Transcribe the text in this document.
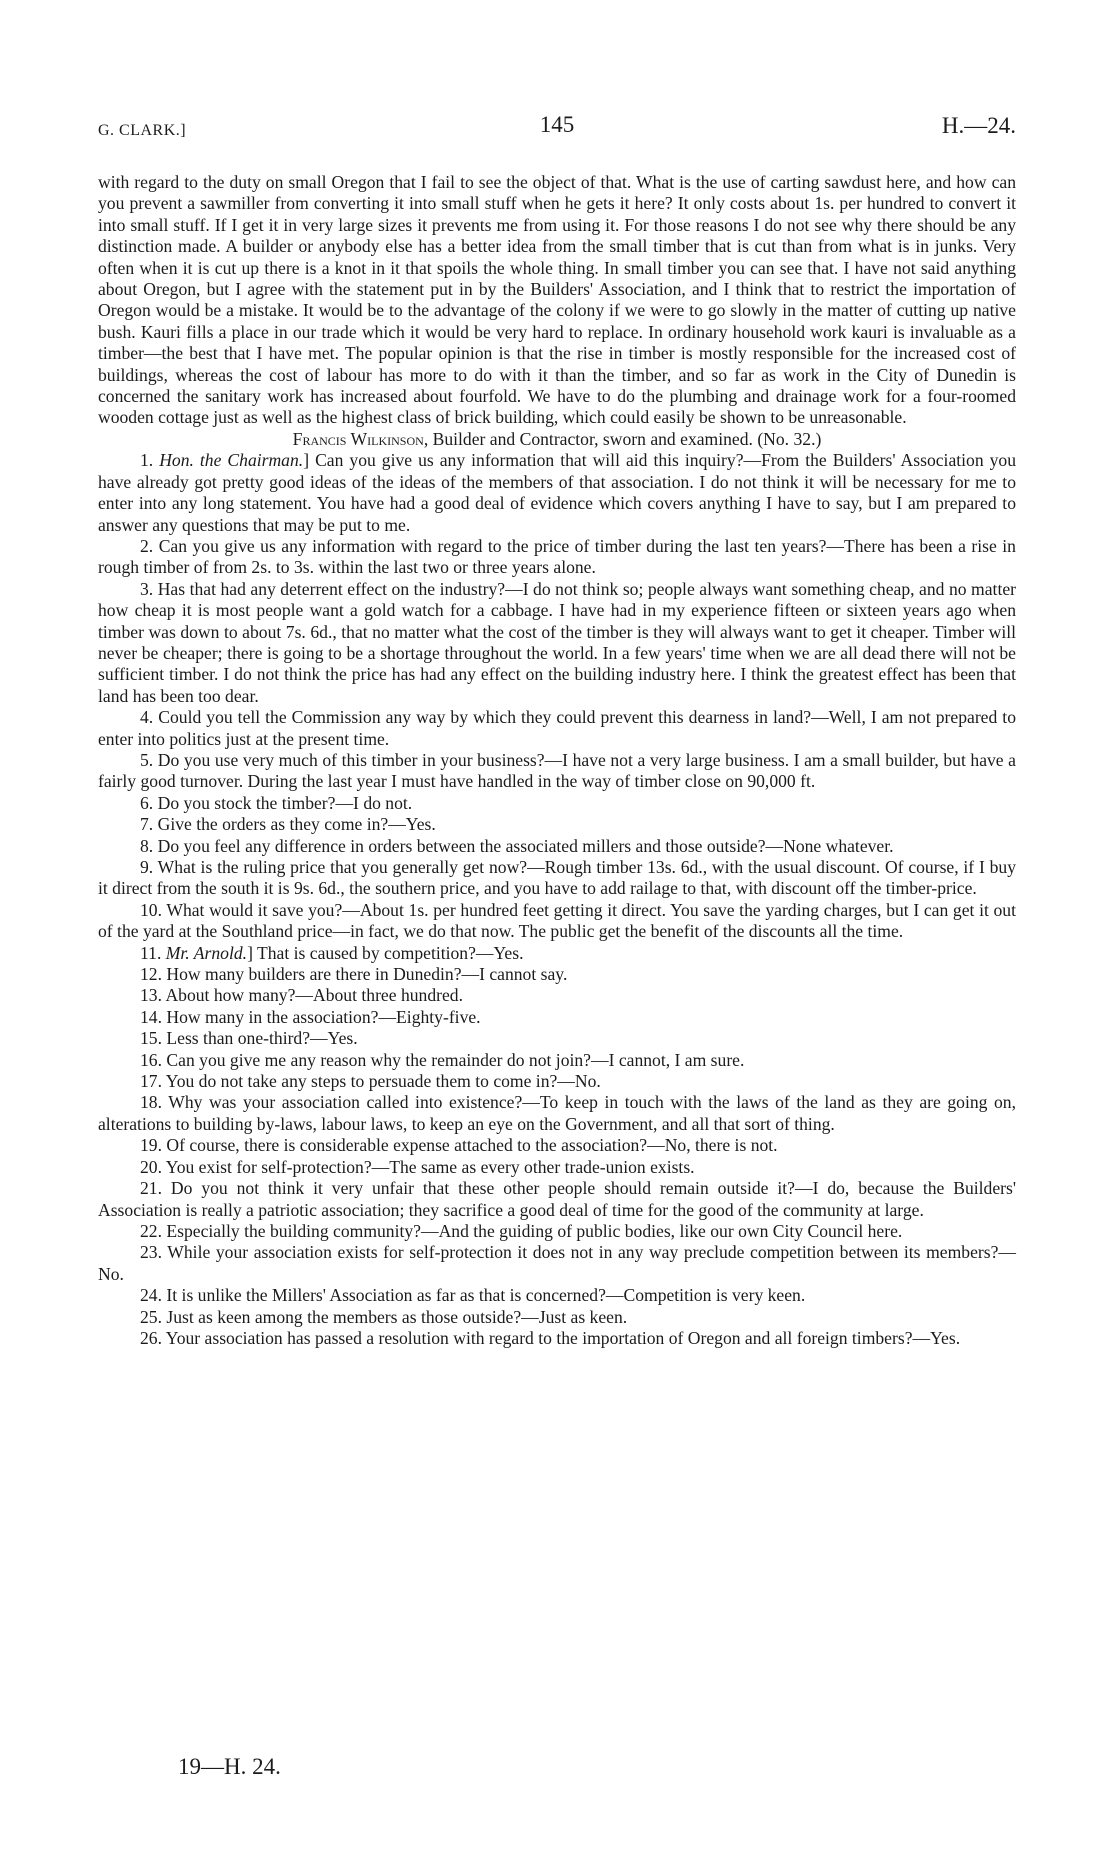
G. CLARK.]	145	H.—24.

with regard to the duty on small Oregon that I fail to see the object of that. What is the use of carting sawdust here, and how can you prevent a sawmiller from converting it into small stuff when he gets it here? It only costs about 1s. per hundred to convert it into small stuff. If I get it in very large sizes it prevents me from using it. For those reasons I do not see why there should be any distinction made. A builder or anybody else has a better idea from the small timber that is cut than from what is in junks. Very often when it is cut up there is a knot in it that spoils the whole thing. In small timber you can see that. I have not said anything about Oregon, but I agree with the statement put in by the Builders' Association, and I think that to restrict the importation of Oregon would be a mistake. It would be to the advantage of the colony if we were to go slowly in the matter of cutting up native bush. Kauri fills a place in our trade which it would be very hard to replace. In ordinary household work kauri is invaluable as a timber—the best that I have met. The popular opinion is that the rise in timber is mostly responsible for the increased cost of buildings, whereas the cost of labour has more to do with it than the timber, and so far as work in the City of Dunedin is concerned the sanitary work has increased about fourfold. We have to do the plumbing and drainage work for a four-roomed wooden cottage just as well as the highest class of brick building, which could easily be shown to be unreasonable.

Francis Wilkinson, Builder and Contractor, sworn and examined. (No. 32.)

1. Hon. the Chairman.] Can you give us any information that will aid this inquiry?—From the Builders' Association you have already got pretty good ideas of the ideas of the members of that association. I do not think it will be necessary for me to enter into any long statement. You have had a good deal of evidence which covers anything I have to say, but I am prepared to answer any questions that may be put to me.

2. Can you give us any information with regard to the price of timber during the last ten years?—There has been a rise in rough timber of from 2s. to 3s. within the last two or three years alone.

3. Has that had any deterrent effect on the industry?—I do not think so; people always want something cheap, and no matter how cheap it is most people want a gold watch for a cabbage. I have had in my experience fifteen or sixteen years ago when timber was down to about 7s. 6d., that no matter what the cost of the timber is they will always want to get it cheaper. Timber will never be cheaper; there is going to be a shortage throughout the world. In a few years' time when we are all dead there will not be sufficient timber. I do not think the price has had any effect on the building industry here. I think the greatest effect has been that land has been too dear.

4. Could you tell the Commission any way by which they could prevent this dearness in land?—Well, I am not prepared to enter into politics just at the present time.

5. Do you use very much of this timber in your business?—I have not a very large business. I am a small builder, but have a fairly good turnover. During the last year I must have handled in the way of timber close on 90,000 ft.

6. Do you stock the timber?—I do not.

7. Give the orders as they come in?—Yes.

8. Do you feel any difference in orders between the associated millers and those outside?—None whatever.

9. What is the ruling price that you generally get now?—Rough timber 13s. 6d., with the usual discount. Of course, if I buy it direct from the south it is 9s. 6d., the southern price, and you have to add railage to that, with discount off the timber-price.

10. What would it save you?—About 1s. per hundred feet getting it direct. You save the yarding charges, but I can get it out of the yard at the Southland price—in fact, we do that now. The public get the benefit of the discounts all the time.

11. Mr. Arnold.] That is caused by competition?—Yes.

12. How many builders are there in Dunedin?—I cannot say.

13. About how many?—About three hundred.

14. How many in the association?—Eighty-five.

15. Less than one-third?—Yes.

16. Can you give me any reason why the remainder do not join?—I cannot, I am sure.

17. You do not take any steps to persuade them to come in?—No.

18. Why was your association called into existence?—To keep in touch with the laws of the land as they are going on, alterations to building by-laws, labour laws, to keep an eye on the Government, and all that sort of thing.

19. Of course, there is considerable expense attached to the association?—No, there is not.

20. You exist for self-protection?—The same as every other trade-union exists.

21. Do you not think it very unfair that these other people should remain outside it?—I do, because the Builders' Association is really a patriotic association; they sacrifice a good deal of time for the good of the community at large.

22. Especially the building community?—And the guiding of public bodies, like our own City Council here.

23. While your association exists for self-protection it does not in any way preclude competition between its members?—No.

24. It is unlike the Millers' Association as far as that is concerned?—Competition is very keen.

25. Just as keen among the members as those outside?—Just as keen.

26. Your association has passed a resolution with regard to the importation of Oregon and all foreign timbers?—Yes.

19—H. 24.
